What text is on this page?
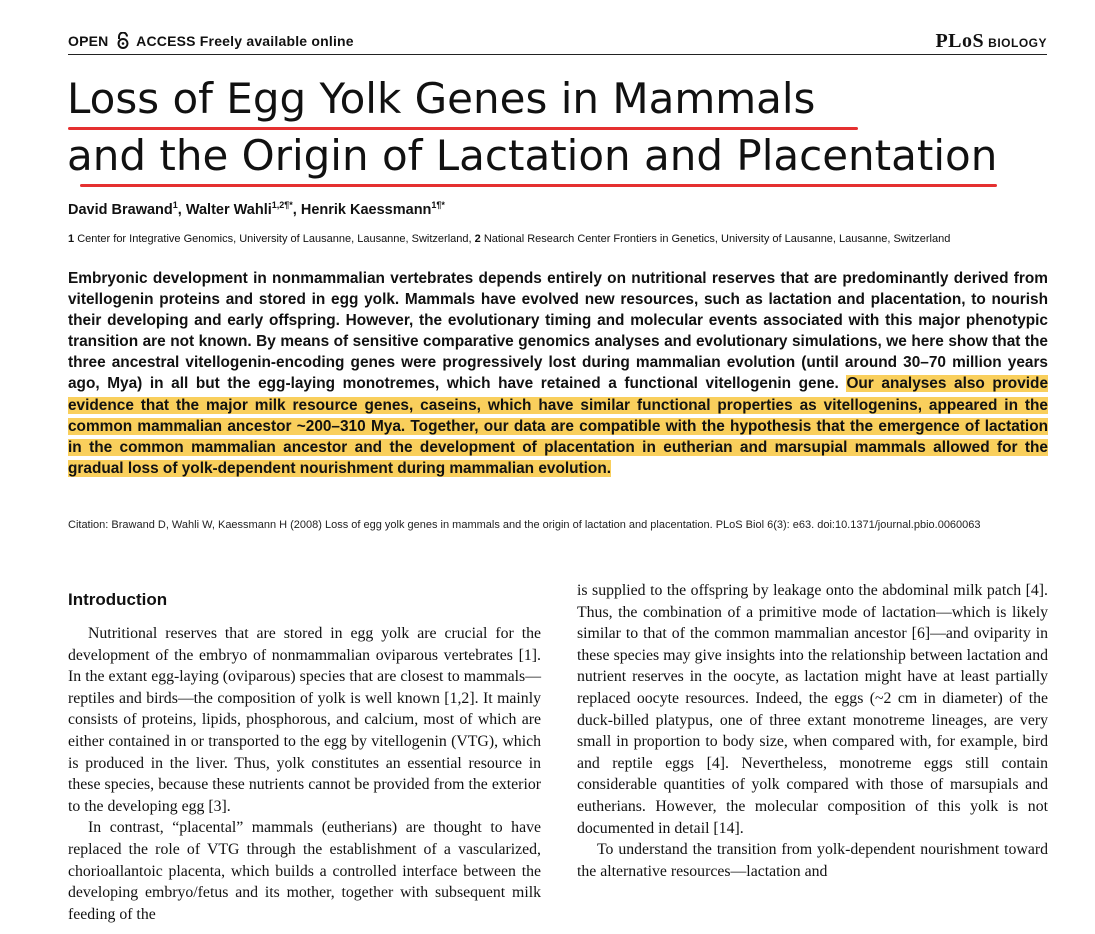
OPEN ACCESS Freely available online	PLoS BIOLOGY
Loss of Egg Yolk Genes in Mammals
and the Origin of Lactation and Placentation
David Brawand$^1$, Walter Wahli$^{1,2\P*}$, Henrik Kaessmann$^{1\P*}$
1 Center for Integrative Genomics, University of Lausanne, Lausanne, Switzerland, 2 National Research Center Frontiers in Genetics, University of Lausanne, Lausanne, Switzerland
Embryonic development in nonmammalian vertebrates depends entirely on nutritional reserves that are predominantly derived from vitellogenin proteins and stored in egg yolk. Mammals have evolved new resources, such as lactation and placentation, to nourish their developing and early offspring. However, the evolutionary timing and molecular events associated with this major phenotypic transition are not known. By means of sensitive comparative genomics analyses and evolutionary simulations, we here show that the three ancestral vitellogenin-encoding genes were progressively lost during mammalian evolution (until around 30–70 million years ago, Mya) in all but the egg-laying monotremes, which have retained a functional vitellogenin gene. Our analyses also provide evidence that the major milk resource genes, caseins, which have similar functional properties as vitellogenins, appeared in the common mammalian ancestor ~200–310 Mya. Together, our data are compatible with the hypothesis that the emergence of lactation in the common mammalian ancestor and the development of placentation in eutherian and marsupial mammals allowed for the gradual loss of yolk-dependent nourishment during mammalian evolution.
Citation: Brawand D, Wahli W, Kaessmann H (2008) Loss of egg yolk genes in mammals and the origin of lactation and placentation. PLoS Biol 6(3): e63. doi:10.1371/journal.pbio.0060063
Introduction

Nutritional reserves that are stored in egg yolk are crucial for the development of the embryo of nonmammalian oviparous vertebrates [1]. In the extant egg-laying (oviparous) species that are closest to mammals—reptiles and birds—the composition of yolk is well known [1,2]. It mainly consists of proteins, lipids, phosphorous, and calcium, most of which are either contained in or transported to the egg by vitellogenin (VTG), which is produced in the liver. Thus, yolk constitutes an essential resource in these species, because these nutrients cannot be provided from the exterior to the developing egg [3].

In contrast, “placental” mammals (eutherians) are thought to have replaced the role of VTG through the establishment of a vascularized, chorioallantoic placenta, which builds a controlled interface between the developing embryo/fetus and its mother, together with subsequent milk feeding of the

is supplied to the offspring by leakage onto the abdominal milk patch [4]. Thus, the combination of a primitive mode of lactation—which is likely similar to that of the common mammalian ancestor [6]—and oviparity in these species may give insights into the relationship between lactation and nutrient reserves in the oocyte, as lactation might have at least partially replaced oocyte resources. Indeed, the eggs (~2 cm in diameter) of the duck-billed platypus, one of three extant monotreme lineages, are very small in proportion to body size, when compared with, for example, bird and reptile eggs [4]. Nevertheless, monotreme eggs still contain considerable quantities of yolk compared with those of marsupials and eutherians. However, the molecular composition of this yolk is not documented in detail [14].

To understand the transition from yolk-dependent nourishment toward the alternative resources—lactation and
